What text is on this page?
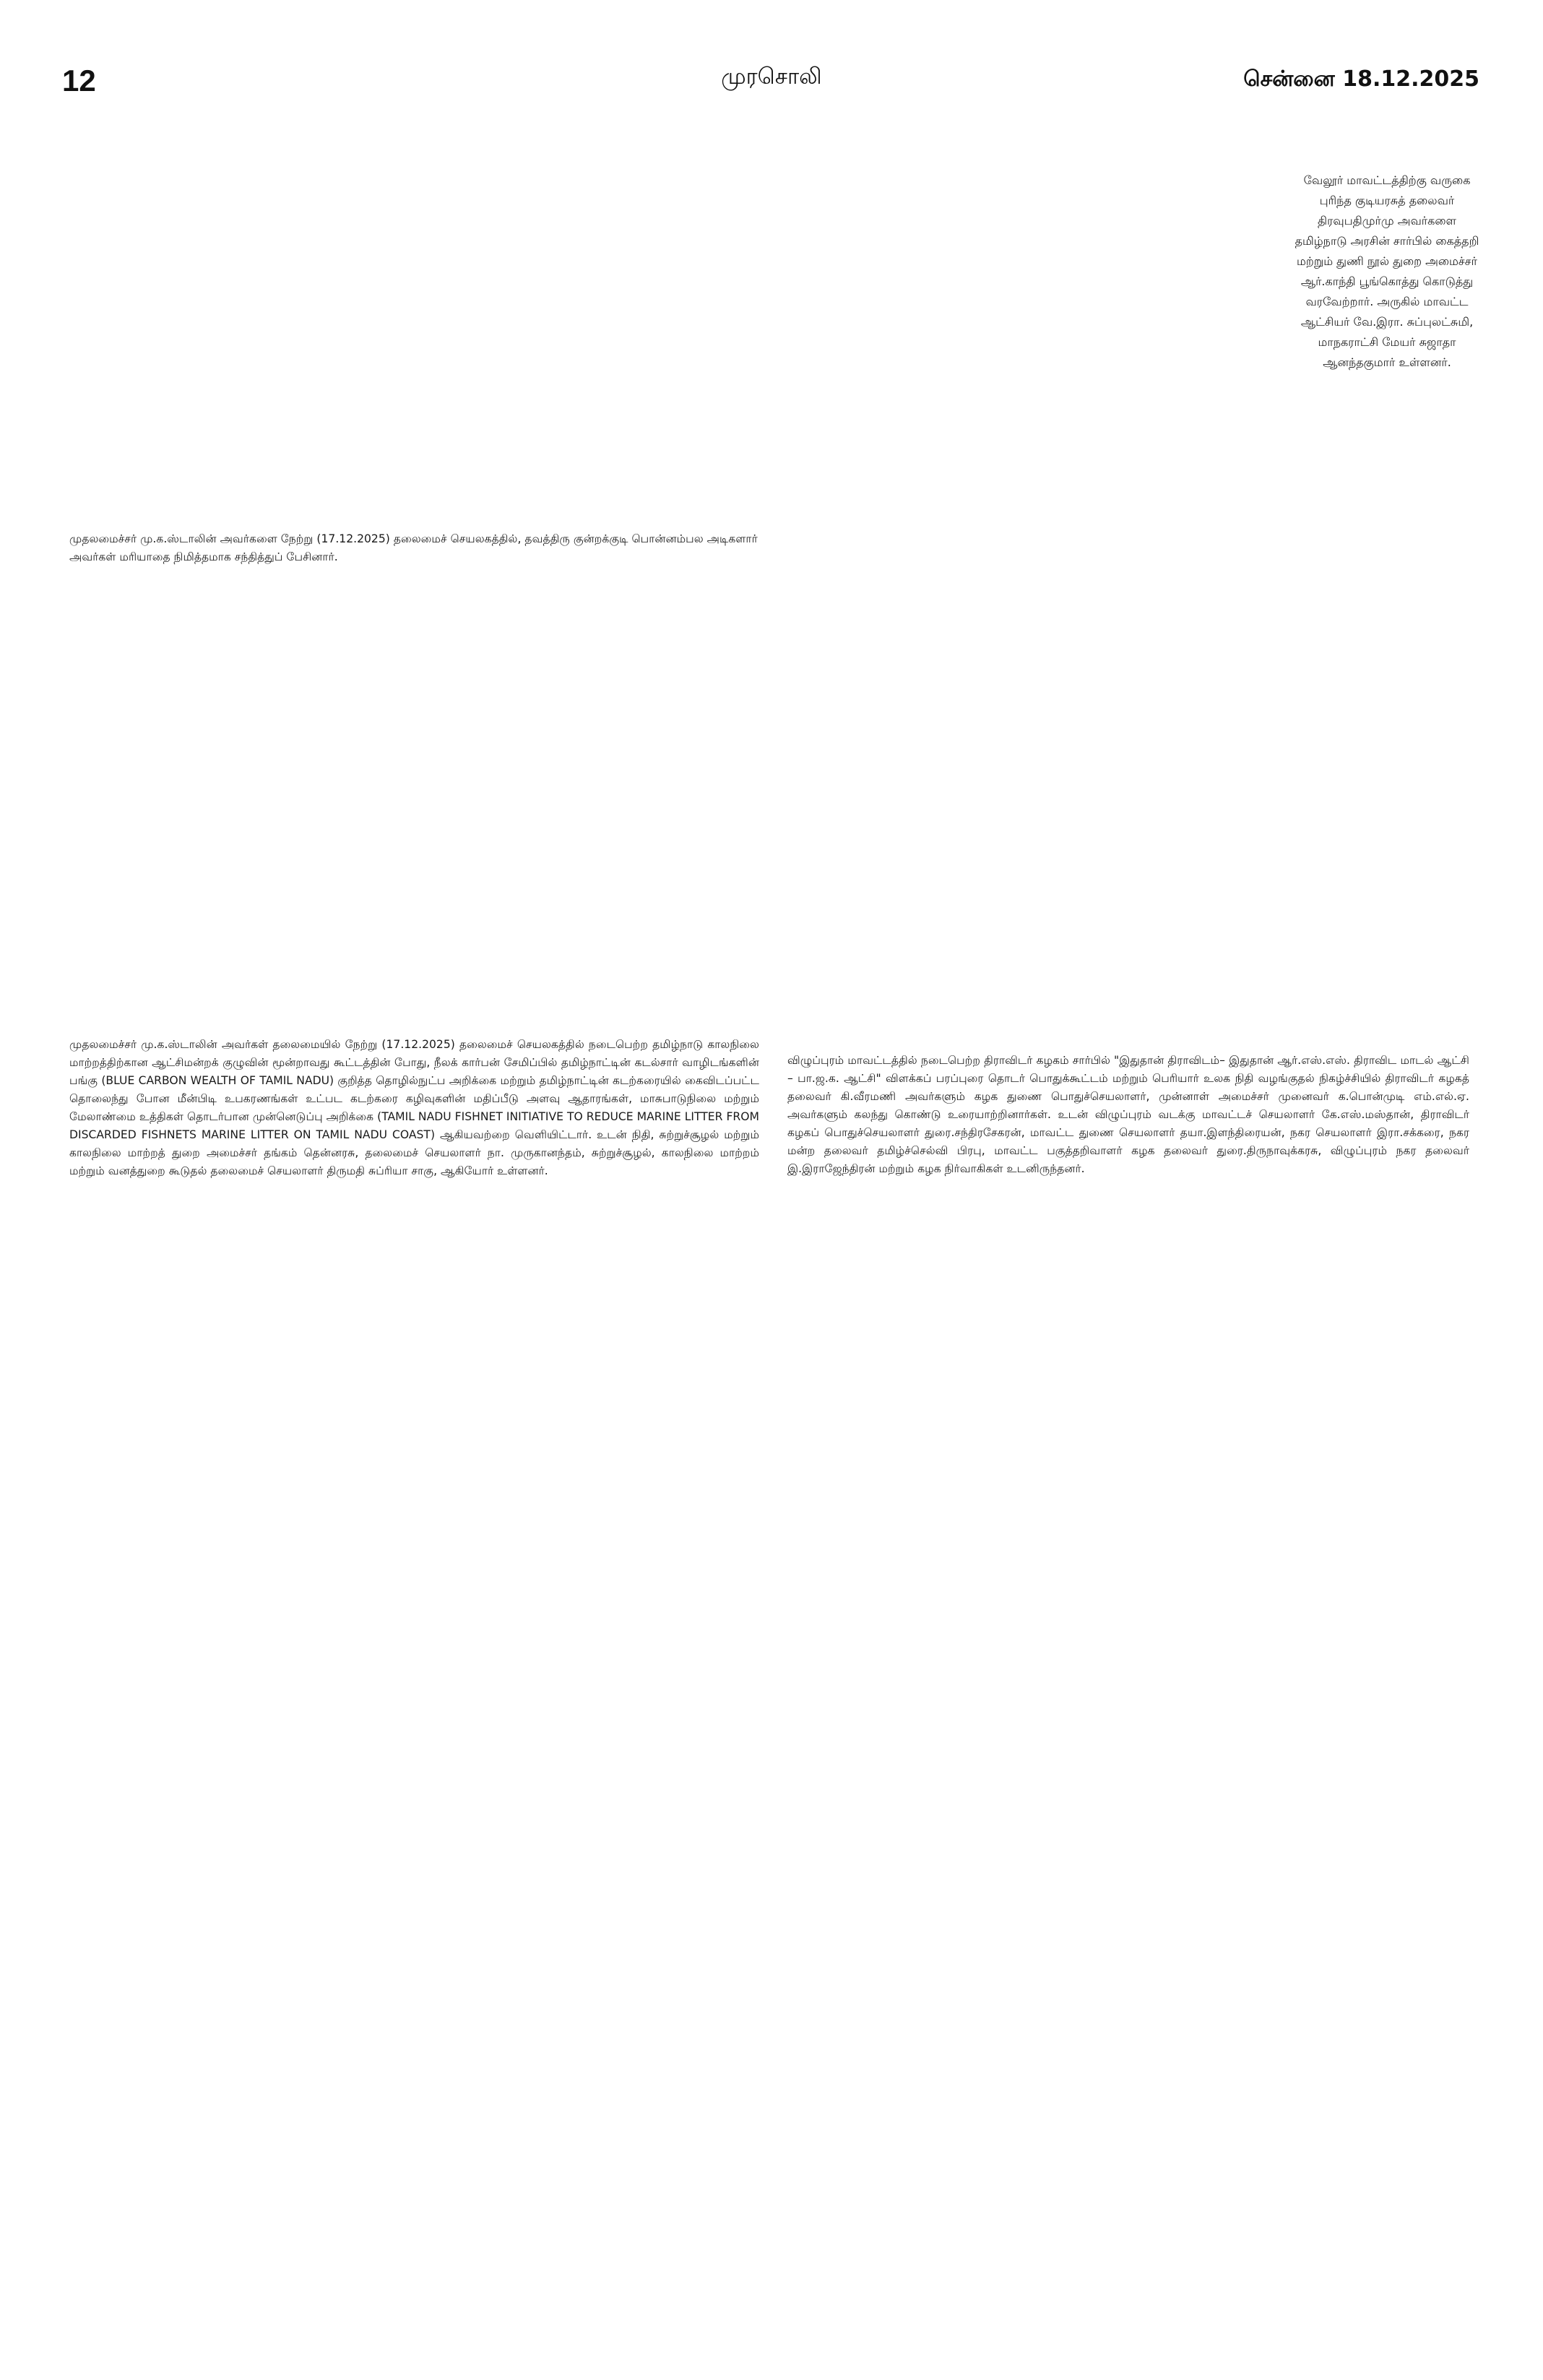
12	முரசொலி	சென்னை 18.12.2025
வேலூர் மாவட்டத்திற்கு வருகை புரிந்த குடியரசுத் தலைவர் திரவுபதிமுர்மு அவர்களை தமிழ்நாடு அரசின் சார்பில் கைத்தறி மற்றும் துணி நூல் துறை அமைச்சர் ஆர்.காந்தி பூங்கொத்து கொடுத்து வரவேற்றார். அருகில் மாவட்ட ஆட்சியர் வே.இரா. சுப்புலட்சுமி, மாநகராட்சி மேயர் சுஜாதா ஆனந்தகுமார் உள்ளனர்.
முதலமைச்சர் மு.க.ஸ்டாலின் அவர்களை நேற்று (17.12.2025) தலைமைச் செயலகத்தில், தவத்திரு குன்றக்குடி பொன்னம்பல அடிகளார் அவர்கள் மரியாதை நிமித்தமாக சந்தித்துப் பேசினார்.
முதலமைச்சர் மு.க.ஸ்டாலின் அவர்கள் தலைமையில் நேற்று (17.12.2025) தலைமைச் செயலகத்தில் நடைபெற்ற தமிழ்நாடு காலநிலை மாற்றத்திற்கான ஆட்சிமன்றக் குழுவின் மூன்றாவது கூட்டத்தின் போது, நீலக் கார்பன் சேமிப்பில் தமிழ்நாட்டின் கடல்சார் வாழிடங்களின் பங்கு (BLUE CARBON WEALTH OF TAMIL NADU) குறித்த தொழில்நுட்ப அறிக்கை மற்றும் தமிழ்நாட்டின் கடற்கரையில் கைவிடப்பட்ட தொலைந்து போன மீன்பிடி உபகரணங்கள் உட்பட கடற்கரை கழிவுகளின் மதிப்பீடு அளவு ஆதாரங்கள், மாசுபாடுநிலை மற்றும் மேலாண்மை உத்திகள் தொடர்பான முன்னெடுப்பு அறிக்கை (TAMIL NADU FISHNET INITIATIVE TO REDUCE MARINE LITTER FROM DISCARDED FISHNETS MARINE LITTER ON TAMIL NADU COAST) ஆகியவற்றை வெளியிட்டார். உடன் நிதி, சுற்றுச்சூழல் மற்றும் காலநிலை மாற்றத் துறை அமைச்சர் தங்கம் தென்னரசு, தலைமைச் செயலாளர் நா. முருகானந்தம், சுற்றுச்சூழல், காலநிலை மாற்றம் மற்றும் வனத்துறை கூடுதல் தலைமைச் செயலாளர் திருமதி சுப்ரியா சாகு, ஆகியோர் உள்ளனர்.
விழுப்புரம் மாவட்டத்தில் நடைபெற்ற திராவிடர் கழகம் சார்பில் "இதுதான் திராவிடம்– இதுதான் ஆர்.எஸ்.எஸ். திராவிட மாடல் ஆட்சி – பா.ஜ.க. ஆட்சி" விளக்கப் பரப்புரை தொடர் பொதுக்கூட்டம் மற்றும் பெரியார் உலக நிதி வழங்குதல் நிகழ்ச்சியில் திராவிடர் கழகத் தலைவர் கி.வீரமணி அவர்களும் கழக துணை பொதுச்செயலாளர், முன்னாள் அமைச்சர் முனைவர் க.பொன்முடி எம்.எல்.ஏ. அவர்களும் கலந்து கொண்டு உரையாற்றினார்கள். உடன் விழுப்புரம் வடக்கு மாவட்டச் செயலாளர் கே.எஸ்.மஸ்தான், திராவிடர் கழகப் பொதுச்செயலாளர் துரை.சந்திரசேகரன், மாவட்ட துணை செயலாளர் தயா.இளந்திரையன், நகர செயலாளர் இரா.சக்கரை, நகர மன்ற தலைவர் தமிழ்ச்செல்வி பிரபு, மாவட்ட பகுத்தறிவாளர் கழக தலைவர் துரை.திருநாவுக்கரசு, விழுப்புரம் நகர தலைவர் இ.இராஜேந்திரன் மற்றும் கழக நிர்வாகிகள் உடனிருந்தனர்.
